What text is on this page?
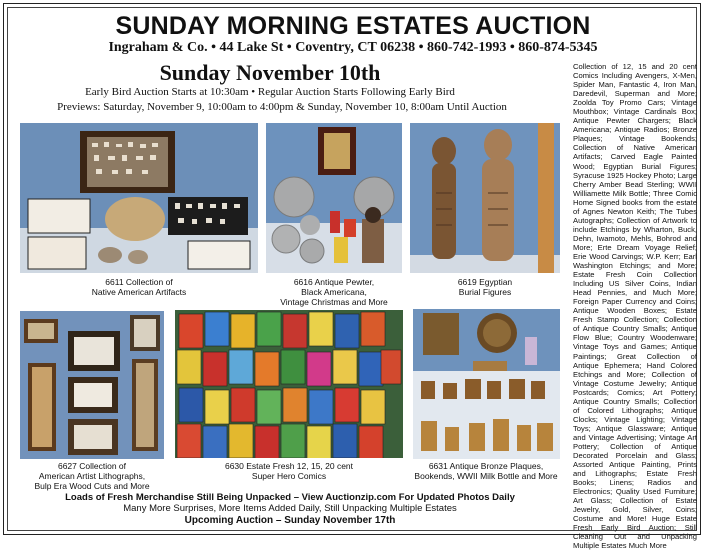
SUNDAY MORNING ESTATES AUCTION
Ingraham & Co. • 44 Lake St • Coventry, CT 06238 • 860-742-1993 • 860-874-5345
Sunday November 10th
Early Bird Auction Starts at 10:30am • Regular Auction Starts Following Early Bird
Previews: Saturday, November 9, 10:00am to 4:00pm & Sunday, November 10, 8:00am Until Auction
6611 Collection of
Native American Artifacts
6616 Antique Pewter,
Black Americana,
Vintage Christmas and More
6619 Egyptian
Burial Figures
6627 Collection of
American Artist Lithographs,
Bulp Era Wood Cuts and More
6630 Estate Fresh 12, 15, 20 cent
Super Hero Comics
6631 Antique Bronze Plaques,
Bookends, WWII Milk Bottle and More
Collection of 12, 15 and 20 cent Comics Including Avengers, X-Men, Spider Man, Fantastic 4, Iron Man, Daredevil, Superman and More; Zoolda Toy Promo Cars; Vintage Mouthbox; Vintage Cardinals Box; Antique Pewter Chargers; Black Americana; Antique Radios; Bronze Plaques; Vintage Bookends; Collection of Native American Artifacts; Carved Eagle Painted Wood; Egyptian Burial Figures; Syracuse 1925 Hockey Photo; Large Cherry Amber Bead Sterling; WWII Williamette Milk Bottle; Three Comic Home Signed books from the estate of Agnes Newton Keith; The Tubes Autographs; Collection of Artwork to include Etchings by Wharton, Buck, Dehn, Iwamoto, Mehls, Bohrod and More; Erte Dream Voyage Relief; Erie Wood Carvings; W.P. Kerr; Earl Washington Etchings; and More; Estate Fresh Coin Collection Including US Silver Coins, Indian Head Pennies, and Much More; Foreign Paper Currency and Coins; Antique Wooden Boxes; Estate Fresh Stamp Collection; Collection of Antique Country Smalls; Antique Flow Blue; Country Woodenware; Vintage Toys and Games; Antique Paintings; Great Collection of Antique Ephemera; Hand Colored Etchings and More; Collection of Vintage Costume Jewelry; Antique Postcards; Comics; Art Pottery; Antique Country Smalls; Collection of Colored Lithographs; Antique Clocks; Vintage Lighting; Vintage Toys; Antique Glassware; Antique and Vintage Advertising; Vintage Art Pottery; Collection of Antique Decorated Porcelain and Glass; Assorted Antique Painting, Prints and Lithographs; Estate Fresh Books; Linens; Radios and Electronics; Quality Used Furniture; Art Glass; Collection of Estate Jewelry, Gold, Silver, Coins; Costume and More! Huge Estate Fresh Early Bird Auction; Still Cleaning Out and Unpacking Multiple Estates Much More
Loads of Fresh Merchandise Still Being Unpacked – View Auctionzip.com For Updated Photos Daily
Many More Surprises, More Items Added Daily, Still Unpacking Multiple Estates
Upcoming Auction – Sunday November 17th
